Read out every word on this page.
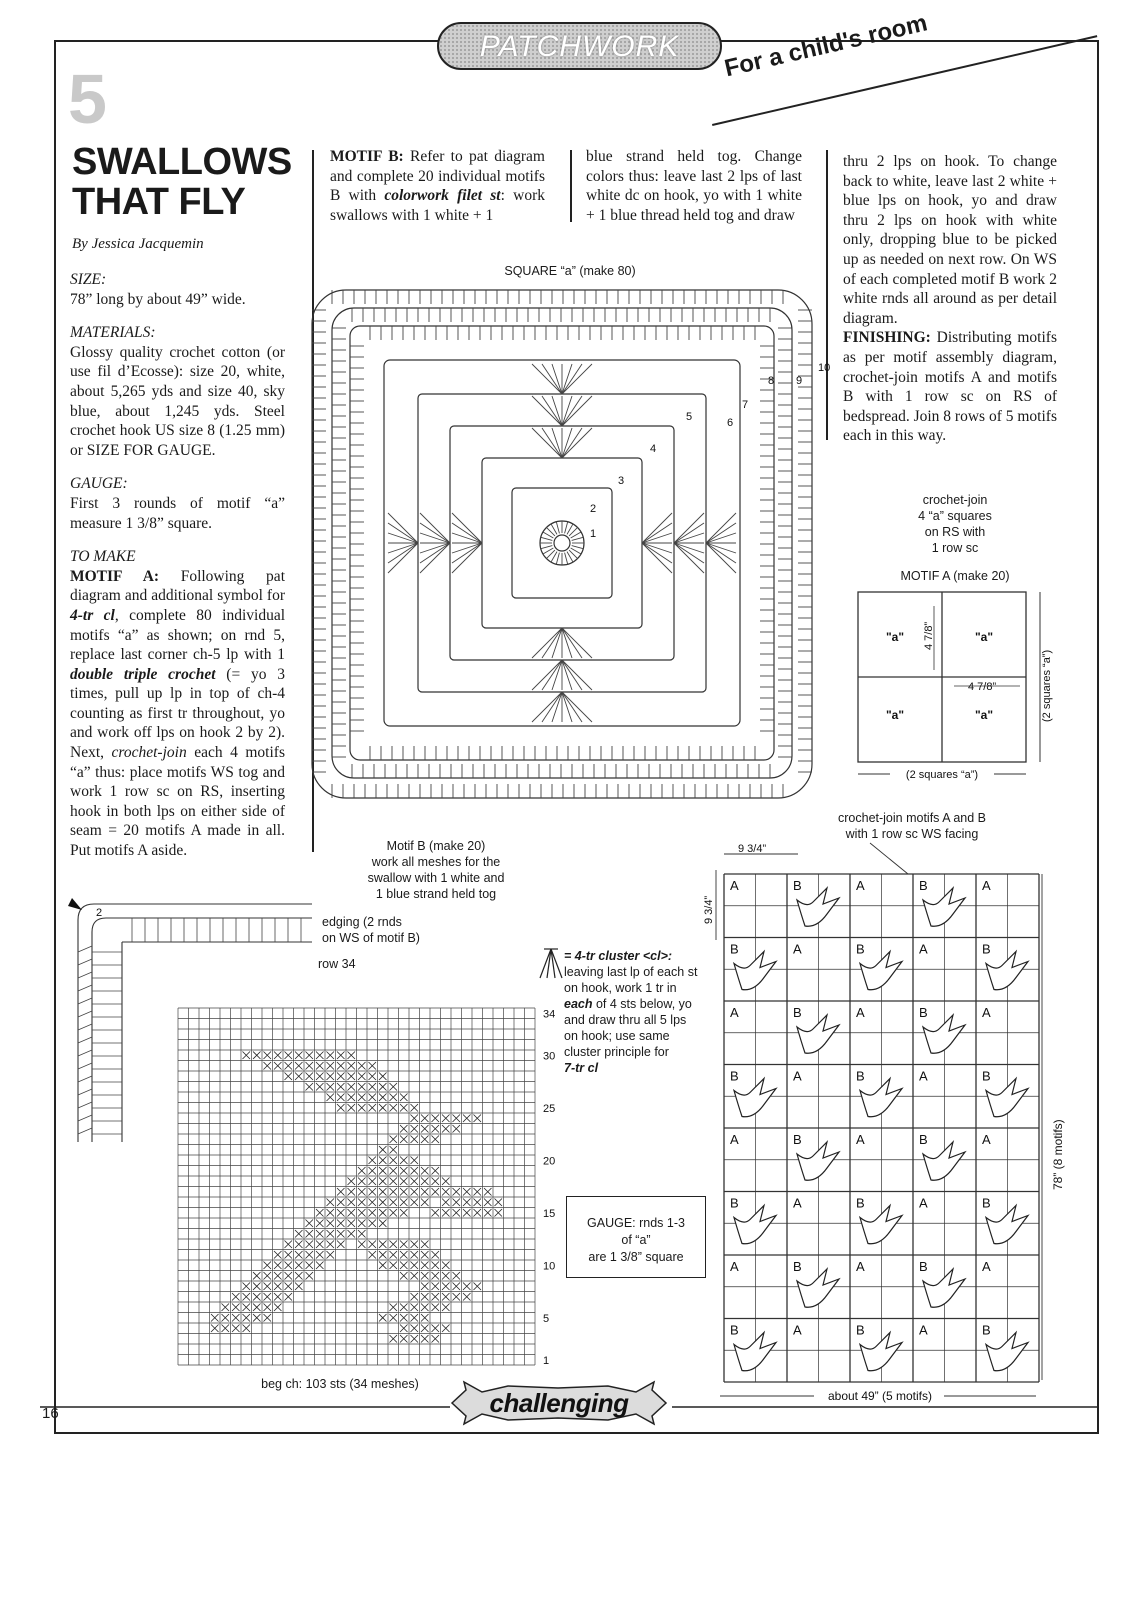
PATCHWORK	For a child's room
5
SWALLOWS
THAT FLY
By Jessica Jacquemin
SIZE:

78” long by about 49” wide.

MATERIALS:

Glossy quality crochet cotton (or use fil d’Ecosse): size 20, white, about 5,265 yds and size 40, sky blue, about 1,245 yds. Steel crochet hook US size 8 (1.25 mm) or SIZE FOR GAUGE.

GAUGE:

First 3 rounds of motif “a” measure 1 3/8” square.

TO MAKE

MOTIF A: Following pat diagram and additional symbol for 4-tr cl, complete 80 individual motifs “a” as shown; on rnd 5, replace last corner ch-5 lp with 1 double triple crochet (= yo 3 times, pull up lp in top of ch-4 counting as first tr throughout, yo and work off lps on hook 2 by 2). Next, crochet-join each 4 motifs “a” thus: place motifs WS tog and work 1 row sc on RS, inserting hook in both lps on either side of seam = 20 motifs A made in all. Put motifs A aside.

MOTIF B: Refer to pat diagram and complete 20 individual motifs B with colorwork filet st: work swallows with 1 white + 1

blue strand held tog. Change colors thus: leave last 2 lps of last white dc on hook, yo with 1 white + 1 blue thread held tog and draw

thru 2 lps on hook. To change back to white, leave last 2 white + blue lps on hook, yo and draw thru 2 lps on hook with white only, dropping blue to be picked up as needed on next row. On WS of each completed motif B work 2 white rnds all around as per detail diagram.

FINISHING: Distributing motifs as per motif assembly diagram, crochet-join motifs A and motifs B with 1 row sc on RS of bedspread. Join 8 rows of 5 motifs each in this way.

SQUARE “a” (make 80)
1
2
3
4
5	6
7
8 9
10
crochet-join
4 “a” squares
on RS with
1 row sc
MOTIF A (make 20)
"a"	"a"
"a"	"a"
4 7/8”
4 7/8”	(2 squares “a”)
(2 squares “a”)
Motif B (make 20)
work all meshes for the
swallow with 1 white and
1 blue strand held tog
edging (2 rnds
on WS of motif B)
row 34
2
34
30
25
20
15
10
5
1
beg ch: 103 sts (34 meshes)
= 4-tr cluster <cl>:
leaving last lp of each st
on hook, work 1 tr in
each of 4 sts below, yo
and draw thru all 5 lps
on hook; use same
cluster principle for
7-tr cl
GAUGE: rnds 1-3
of “a”
are 1 3/8” square
crochet-join motifs A and B
with 1 row sc WS facing
A	B	A	B	A
B	A	B	A	B
A	B	A	B	A
B	A	B	A	B
A	B	A	B	A
B	A	B	A	B
A	B	A	B	A
B	A	B	A	B
9 3/4”
9 3/4”
78” (8 motifs)
about 49” (5 motifs)
16	challenging
